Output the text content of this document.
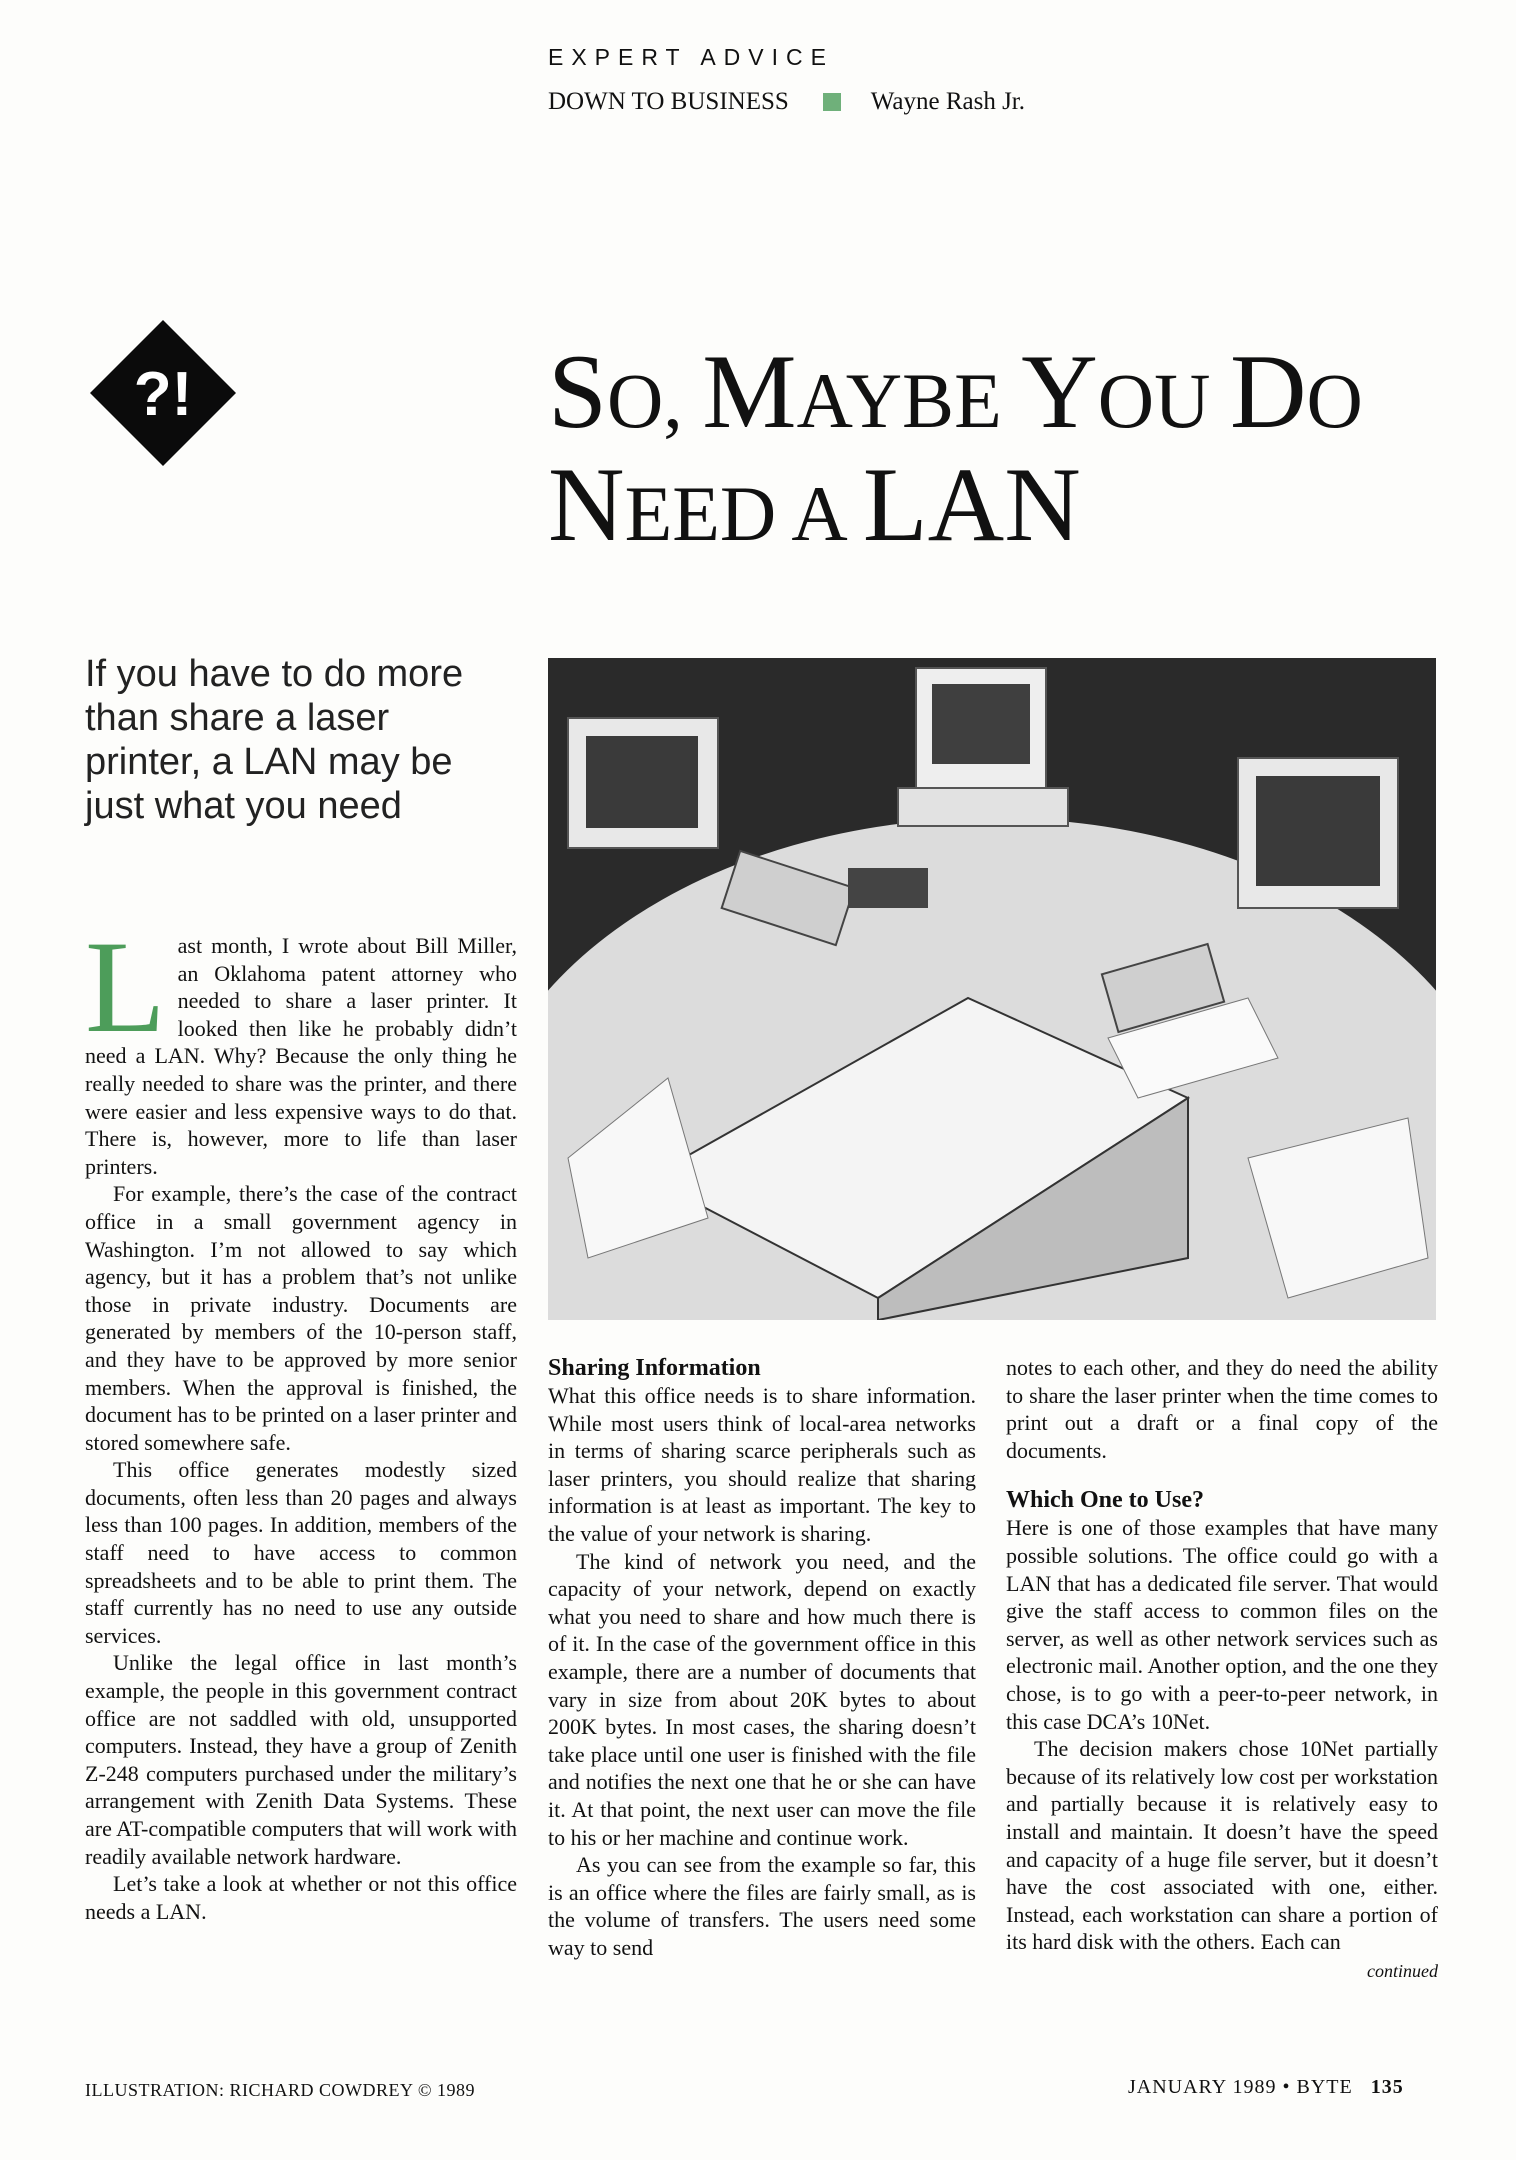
EXPERT ADVICE
DOWN TO BUSINESS	Wayne Rash Jr.
?!	SO, MAYBE YOU DO
NEED A LAN
If you have to do more than share a laser printer, a LAN may be just what you need

Last month, I wrote about Bill Miller, an Oklahoma patent attorney who needed to share a laser printer. It looked then like he probably didn’t need a LAN. Why? Because the only thing he really needed to share was the printer, and there were easier and less expensive ways to do that. There is, however, more to life than laser printers.

For example, there’s the case of the contract office in a small government agency in Washington. I’m not allowed to say which agency, but it has a problem that’s not unlike those in private industry. Documents are generated by members of the 10-person staff, and they have to be approved by more senior members. When the approval is finished, the document has to be printed on a laser printer and stored somewhere safe.

This office generates modestly sized documents, often less than 20 pages and always less than 100 pages. In addition, members of the staff need to have access to common spreadsheets and to be able to print them. The staff currently has no need to use any outside services.

Unlike the legal office in last month’s example, the people in this government contract office are not saddled with old, unsupported computers. Instead, they have a group of Zenith Z-248 computers purchased under the military’s arrangement with Zenith Data Systems. These are AT-compatible computers that will work with readily available network hardware.

Let’s take a look at whether or not this office needs a LAN.

Sharing Information

What this office needs is to share information. While most users think of local-area networks in terms of sharing scarce peripherals such as laser printers, you should realize that sharing information is at least as important. The key to the value of your network is sharing.

The kind of network you need, and the capacity of your network, depend on exactly what you need to share and how much there is of it. In the case of the government office in this example, there are a number of documents that vary in size from about 20K bytes to about 200K bytes. In most cases, the sharing doesn’t take place until one user is finished with the file and notifies the next one that he or she can have it. At that point, the next user can move the file to his or her machine and continue work.

As you can see from the example so far, this is an office where the files are fairly small, as is the volume of transfers. The users need some way to send

notes to each other, and they do need the ability to share the laser printer when the time comes to print out a draft or a final copy of the documents.

Which One to Use?

Here is one of those examples that have many possible solutions. The office could go with a LAN that has a dedicated file server. That would give the staff access to common files on the server, as well as other network services such as electronic mail. Another option, and the one they chose, is to go with a peer-to-peer network, in this case DCA’s 10Net.

The decision makers chose 10Net partially because of its relatively low cost per workstation and partially because it is relatively easy to install and maintain. It doesn’t have the speed and capacity of a huge file server, but it doesn’t have the cost associated with one, either. Instead, each workstation can share a portion of its hard disk with the others. Each can

continued
ILLUSTRATION: RICHARD COWDREY © 1989	JANUARY 1989 • BYTE 135
